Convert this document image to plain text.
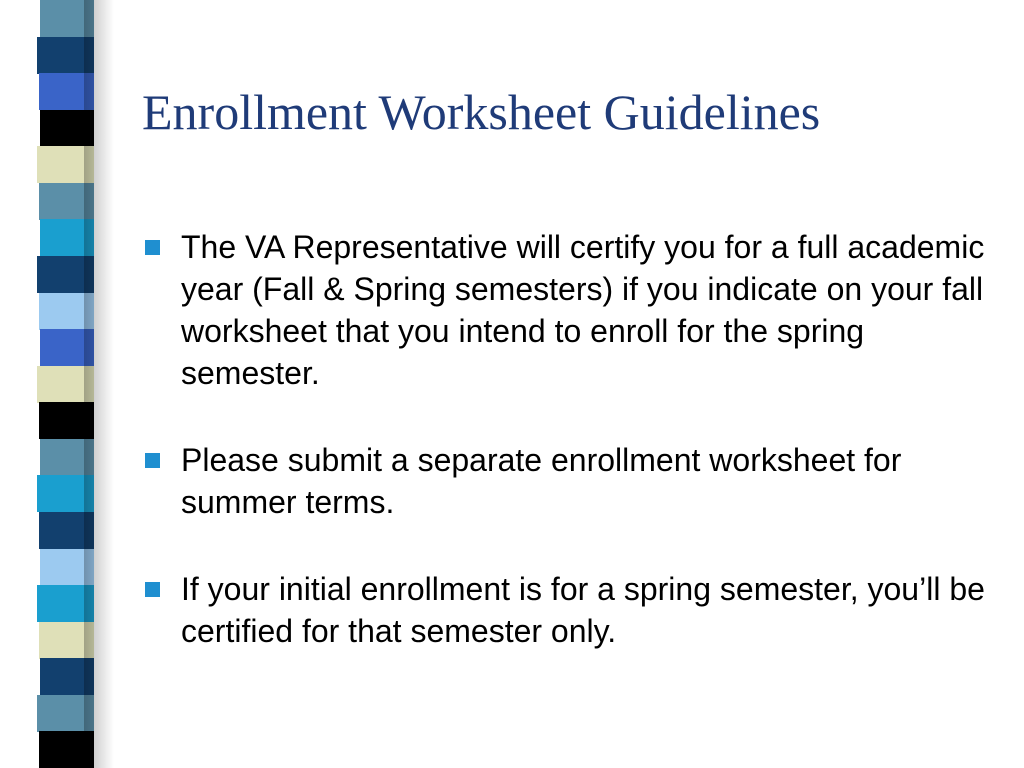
Enrollment Worksheet Guidelines
The VA Representative will certify you for a full academic year (Fall & Spring semesters) if you indicate on your fall worksheet that you intend to enroll for the spring semester.
Please submit a separate enrollment worksheet for summer terms.
If your initial enrollment is for a spring semester, you’ll be certified for that semester only.
